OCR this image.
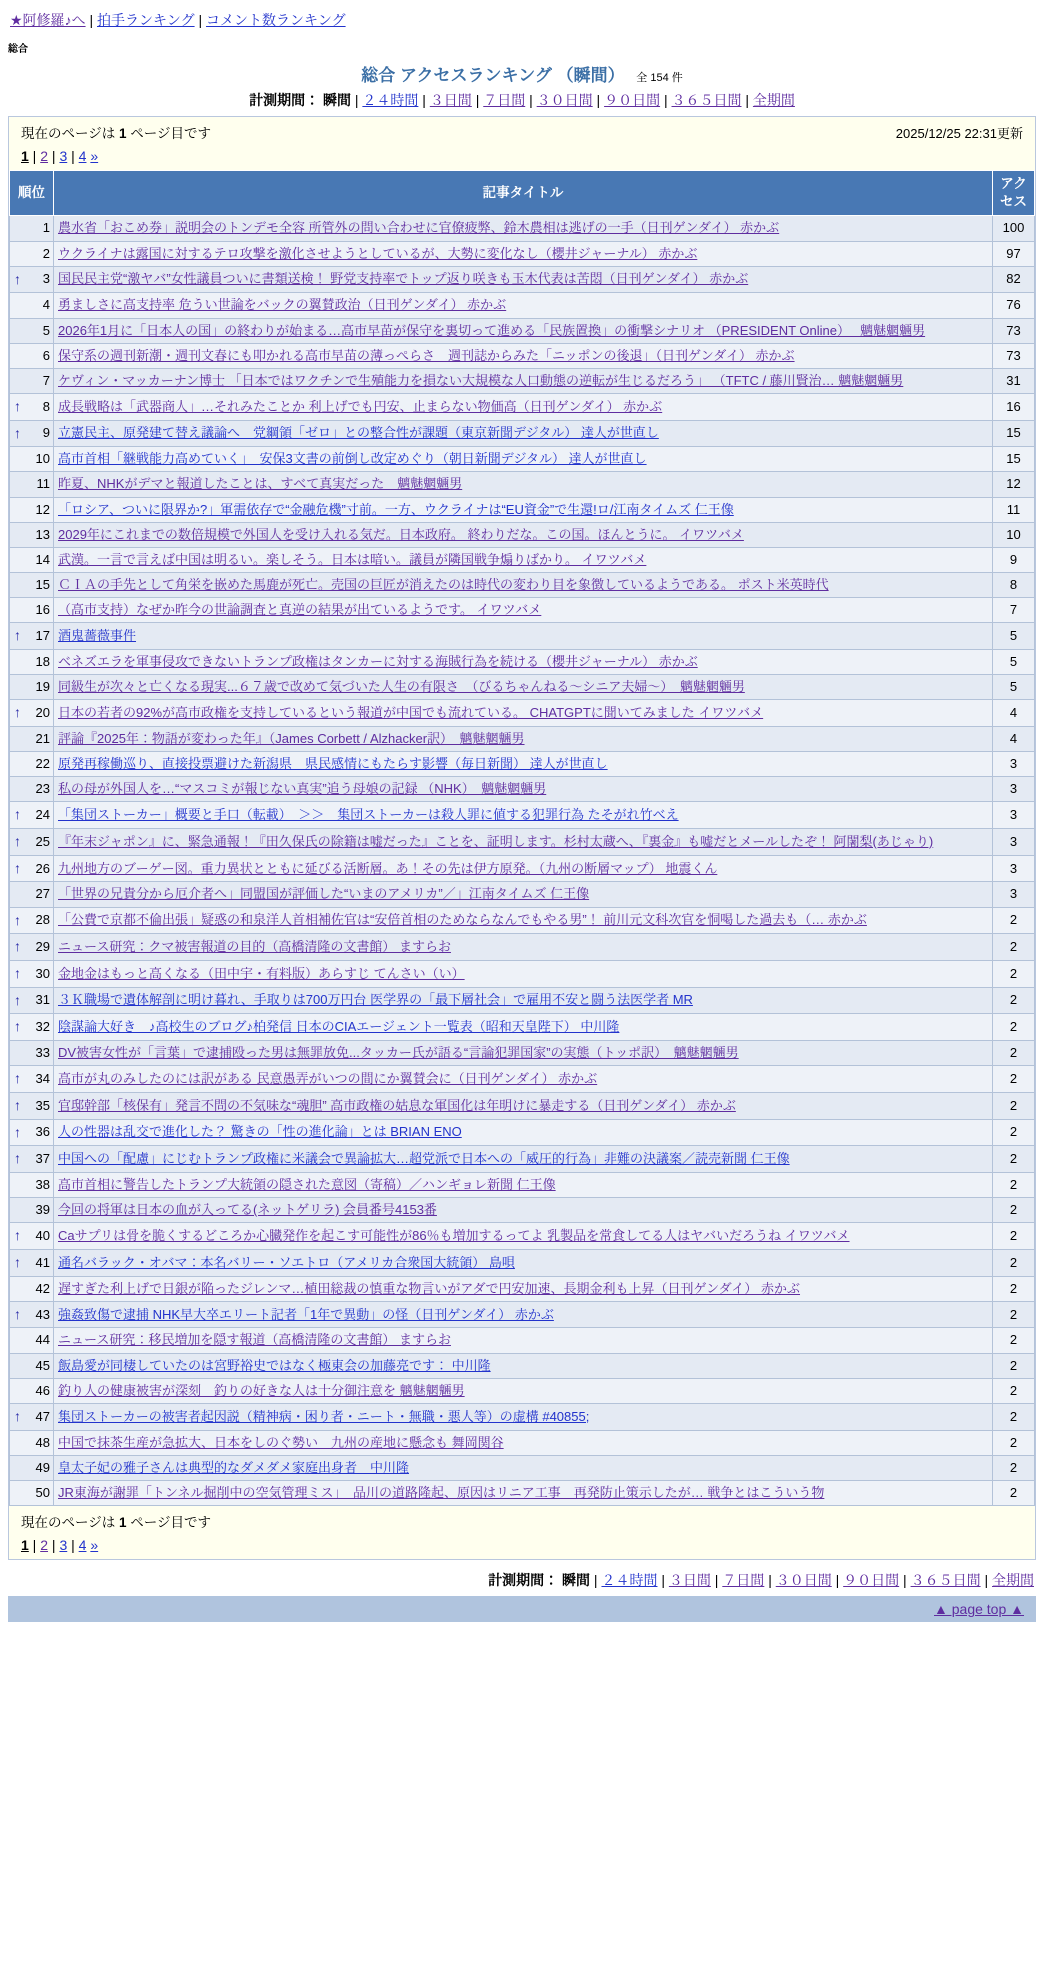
★阿修羅♪へ | 拍手ランキング | コメント数ランキング
総合
総合 アクセスランキング （瞬間） 全 154 件
計測期間： 瞬間 | ２４時間 | ３日間 | ７日間 | ３０日間 | ９０日間 | ３６５日間 | 全期間
現在のページは 1 ページ目です	2025/12/25 22:31更新
1 | 2 | 3 | 4 »
順位	記事タイトル	アクセス

1	農水省「おこめ券」説明会のトンデモ全容 所管外の問い合わせに官僚疲弊、鈴木農相は逃げの一手（日刊ゲンダイ） 赤かぶ	100

2	ウクライナは露国に対するテロ攻撃を激化させようとしているが、大勢に変化なし（櫻井ジャーナル） 赤かぶ	97

↑ 3	国民民主党“激ヤバ”女性議員ついに書類送検！ 野党支持率でトップ返り咲きも玉木代表は苦悶（日刊ゲンダイ） 赤かぶ	82

4	勇ましさに高支持率 危うい世論をバックの翼賛政治（日刊ゲンダイ） 赤かぶ	76

5	2026年1月に「日本人の国」の終わりが始まる…高市早苗が保守を裏切って進める「民族置換」の衝撃シナリオ （PRESIDENT Online）　 魑魅魍魎男	73

6	保守系の週刊新潮・週刊文春にも叩かれる高市早苗の薄っぺらさ　週刊誌からみた「ニッポンの後退」（日刊ゲンダイ） 赤かぶ	73

7	ケヴィン・マッカーナン博士 「日本ではワクチンで生殖能力を損ない大規模な人口動態の逆転が生じるだろう」 （TFTC / 藤川賢治… 魑魅魍魎男	31

↑ 8	成長戦略は「武器商人」…それみたことか 利上げでも円安、止まらない物価高（日刊ゲンダイ） 赤かぶ	16

↑ 9	立憲民主、原発建て替え議論へ　党綱領「ゼロ」との整合性が課題（東京新聞デジタル） 達人が世直し	15

10	高市首相「継戦能力高めていく」　安保3文書の前倒し改定めぐり（朝日新聞デジタル） 達人が世直し	15

11	昨夏、NHKがデマと報道したことは、すべて真実だった　魑魅魍魎男	12

12	「ロシア、ついに限界か?」軍需依存で“金融危機”寸前。一方、ウクライナは“EU資金”で生還!ロ/江南タイムズ 仁王像	11

13	2029年にこれまでの数倍規模で外国人を受け入れる気だ。日本政府。 終わりだな。この国。ほんとうに。 イワツバメ	10

14	武漢。一言で言えば中国は明るい。楽しそう。日本は暗い。議員が隣国戦争煽りばかり。 イワツバメ	9

15	ＣＩＡの手先として角栄を嵌めた馬鹿が死亡。売国の巨匠が消えたのは時代の変わり目を象徴しているようである。 ポスト米英時代	8

16	（高市支持）なぜか昨今の世論調査と真逆の結果が出ているようです。 イワツバメ	7

↑ 17	酒鬼薔薇事件	5

18	ベネズエラを軍事侵攻できないトランプ政権はタンカーに対する海賊行為を続ける（櫻井ジャーナル） 赤かぶ	5

19	同級生が次々と亡くなる現実...６７歳で改めて気づいた人生の有限さ　（びるちゃんねる～シニア夫婦～）　魑魅魍魎男	5

↑ 20	日本の若者の92%が高市政権を支持しているという報道が中国でも流れている。 CHATGPTに聞いてみました イワツバメ	4

21	評論『2025年：物語が変わった年』（James Corbett / Alzhacker訳）　魑魅魍魎男	4

22	原発再稼働巡り、直接投票避けた新潟県　県民感情にもたらす影響（毎日新聞） 達人が世直し	3

23	私の母が外国人を…“マスコミが報じない真実”追う母娘の記録 （NHK）　魑魅魍魎男	3

↑ 24	「集団ストーカー」概要と手口（転載）　＞＞　集団ストーカーは殺人罪に値する犯罪行為 たそがれ竹べえ	3

↑ 25	『年末ジャポン』に、緊急通報！『田久保氏の除籍は嘘だった』ことを、証明します。杉村太蔵へ、『裏金』も嘘だとメールしたぞ！ 阿闍梨(あじゃり)	3

↑ 26	九州地方のブーゲー図。重力異状とともに延びる活断層。あ！その先は伊方原発。（九州の断層マップ） 地震くん	3

27	「世界の兄貴分から厄介者へ」同盟国が評価した“いまのアメリカ”／」江南タイムズ 仁王像	3

↑ 28	「公費で京都不倫出張」疑惑の和泉洋人首相補佐官は“安倍首相のためならなんでもやる男”！ 前川元文科次官を恫喝した過去も（… 赤かぶ	2

↑ 29	ニュース研究：クマ被害報道の目的（高橋清隆の文書館） ますらお	2

↑ 30	金地金はもっと高くなる（田中宇・有料版）あらすじ てんさい（い）	2

↑ 31	３Ｋ職場で遺体解剖に明け暮れ、手取りは700万円台 医学界の「最下層社会」で雇用不安と闘う法医学者 MR	2

↑ 32	陰謀論大好き＿♪高校生のブログ♪柏発信 日本のCIAエージェント一覧表（昭和天皇陛下） 中川隆	2

33	DV被害女性が「言葉」で逮捕殴った男は無罪放免...タッカー氏が語る“言論犯罪国家”の実態（トッポ訳）　魑魅魍魎男	2

↑ 34	高市が丸のみしたのには訳がある 民意愚弄がいつの間にか翼賛会に（日刊ゲンダイ） 赤かぶ	2

↑ 35	官邸幹部「核保有」発言不問の不気味な“魂胆” 高市政権の姑息な軍国化は年明けに暴走する（日刊ゲンダイ） 赤かぶ	2

↑ 36	人の性器は乱交で進化した？ 驚きの「性の進化論」とは BRIAN ENO	2

↑ 37	中国への「配慮」にじむトランプ政権に米議会で異論拡大…超党派で日本への「威圧的行為」非難の決議案／読売新聞 仁王像	2

38	高市首相に警告したトランプ大統領の隠された意図（寄稿）／ハンギョレ新聞 仁王像	2

39	今回の将軍は日本の血が入ってる(ネットゲリラ) 会員番号4153番	2

↑ 40	Caサプリは骨を脆くするどころか心臓発作を起こす可能性が86％も増加するってよ 乳製品を常食してる人はヤバいだろうね イワツバメ	2

↑ 41	通名バラック・オバマ：本名バリー・ソエトロ（アメリカ合衆国大統領） 島唄	2

42	遅すぎた利上げで日銀が陥ったジレンマ…植田総裁の慎重な物言いがアダで円安加速、長期金利も上昇（日刊ゲンダイ） 赤かぶ	2

↑ 43	強姦致傷で逮捕 NHK早大卒エリート記者「1年で異動」の怪（日刊ゲンダイ） 赤かぶ	2

44	ニュース研究：移民増加を隠す報道（高橋清隆の文書館） ますらお	2

45	飯島愛が同棲していたのは宮野裕史ではなく極東会の加藤亮です： 中川隆	2

46	釣り人の健康被害が深刻　釣りの好きな人は十分御注意を 魑魅魍魎男	2

↑ 47	集団ストーカーの被害者起因説（精神病・困り者・ニート・無職・悪人等）の虚構 #40855;	2

48	中国で抹茶生産が急拡大、日本をしのぐ勢い　九州の産地に懸念も 舞岡関谷	2

49	皇太子妃の雅子さんは典型的なダメダメ家庭出身者　中川隆	2

50	JR東海が謝罪「トンネル掘削中の空気管理ミス」　品川の道路隆起、原因はリニア工事　再発防止策示したが… 戦争とはこういう物	2
現在のページは 1 ページ目です
1 | 2 | 3 | 4 »
計測期間： 瞬間 | ２４時間 | ３日間 | ７日間 | ３０日間 | ９０日間 | ３６５日間 | 全期間
▲ page top ▲
